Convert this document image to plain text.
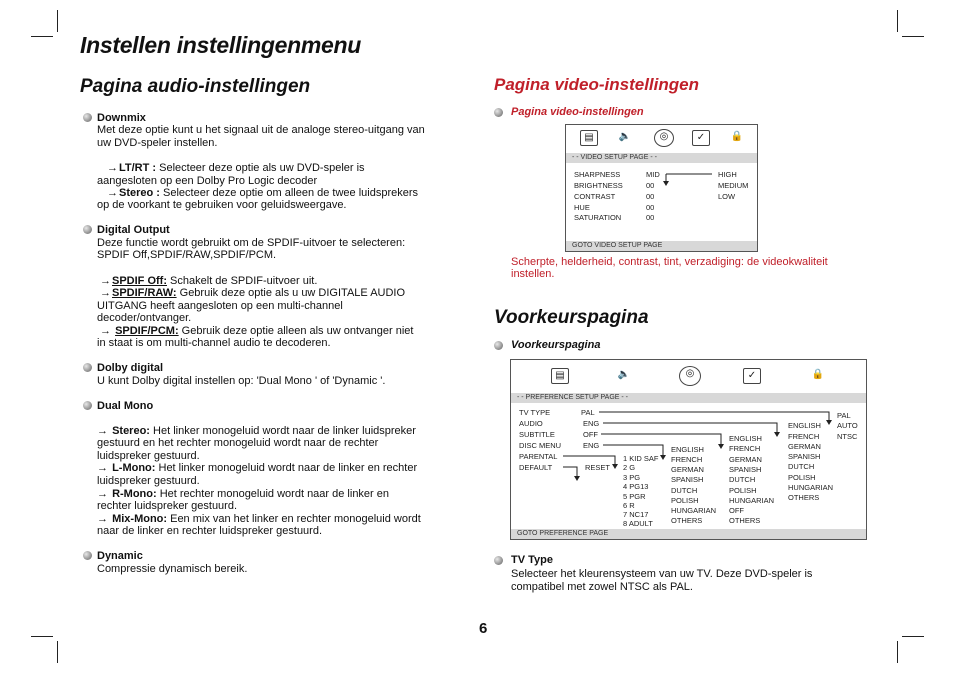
Instellen instellingenmenu
Pagina audio-instellingen
Downmix
Met deze optie kunt u het signaal uit de analoge stereo-uitgang van
uw DVD-speler instellen.
→LT/RT : Selecteer deze optie als uw DVD-speler is
aangesloten op een Dolby Pro Logic decoder
→Stereo : Selecteer deze optie om alleen de twee luidsprekers
op de voorkant te gebruiken voor geluidsweergave.
Digital Output
Deze functie wordt gebruikt om de SPDIF-uitvoer te selecteren:
SPDIF Off,SPDIF/RAW,SPDIF/PCM.
→SPDIF Off: Schakelt de SPDIF-uitvoer uit.
→SPDIF/RAW: Gebruik deze optie als u uw DIGITALE AUDIO
UITGANG heeft aangesloten op een multi-channel
decoder/ontvanger.
→ SPDIF/PCM: Gebruik deze optie alleen als uw ontvanger niet
in staat is om multi-channel audio te decoderen.
Dolby digital
U kunt Dolby digital instellen op: 'Dual Mono ' of 'Dynamic '.
Dual Mono
→ Stereo: Het linker monogeluid wordt naar de linker luidspreker
gestuurd en het rechter monogeluid wordt naar de rechter
luidspreker gestuurd.
→ L-Mono: Het linker monogeluid wordt naar de linker en rechter
luidspreker gestuurd.
→ R-Mono: Het rechter monogeluid wordt naar de linker en
rechter luidspreker gestuurd.
→ Mix-Mono: Een mix van het linker en rechter monogeluid wordt
naar de linker en rechter luidspreker gestuurd.
Dynamic
Compressie dynamisch bereik.
Pagina video-instellingen
Pagina video-instellingen
▤	🔈	◎	✓	🔒
- - VIDEO SETUP PAGE - -
SHARPNESS	MID
BRIGHTNESS	00
CONTRAST	00
HUE	00
SATURATION	00
HIGH
MEDIUM
LOW
GOTO VIDEO SETUP PAGE
Scherpte, helderheid, contrast, tint, verzadiging: de videokwaliteit
instellen.
Voorkeurspagina
Voorkeurspagina
▤	🔈	◎	✓	🔒
- - PREFERENCE SETUP PAGE - -
TV TYPE	PAL
AUDIO	ENG
SUBTITLE	OFF
DISC MENU	ENG
PARENTAL
DEFAULT	RESET
1 KID SAF
2 G
3 PG
4 PG13
5 PGR
6 R
7 NC17
8 ADULT
ENGLISH
FRENCH
GERMAN
SPANISH
DUTCH
POLISH
HUNGARIAN
OTHERS
ENGLISH
FRENCH
GERMAN
SPANISH
DUTCH
POLISH
HUNGARIAN
OFF
OTHERS
ENGLISH
FRENCH
GERMAN
SPANISH
DUTCH
POLISH
HUNGARIAN
OTHERS
PAL
AUTO
NTSC
GOTO PREFERENCE PAGE
TV Type
Selecteer het kleurensysteem van uw TV. Deze DVD-speler is
compatibel met zowel NTSC als PAL.
6
